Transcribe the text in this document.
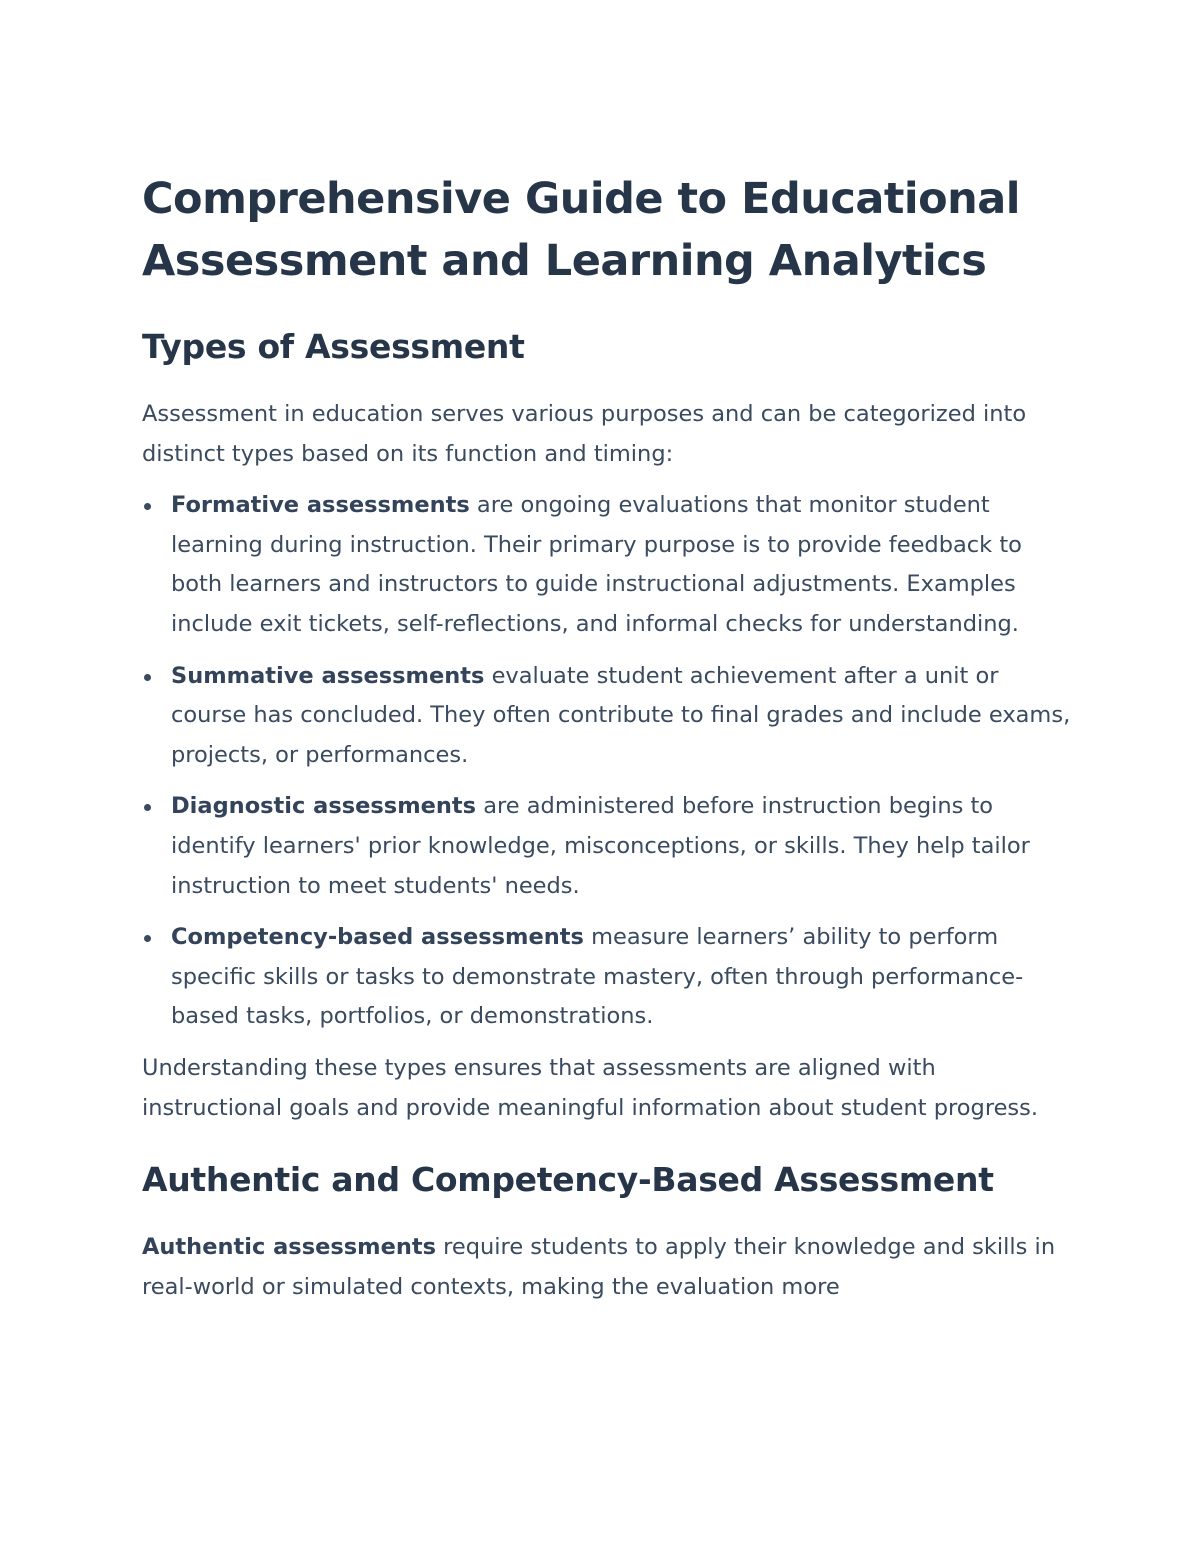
Comprehensive Guide to Educational
Assessment and Learning Analytics
Types of Assessment

Assessment in education serves various purposes and can be categorized into distinct types based on its function and timing:

Formative assessments are ongoing evaluations that monitor student learning during instruction. Their primary purpose is to provide feedback to both learners and instructors to guide instructional adjustments. Examples include exit tickets, self-reflections, and informal checks for understanding.
Summative assessments evaluate student achievement after a unit or course has concluded. They often contribute to final grades and include exams, projects, or performances.
Diagnostic assessments are administered before instruction begins to identify learners' prior knowledge, misconceptions, or skills. They help tailor instruction to meet students' needs.
Competency-based assessments measure learners’ ability to perform specific skills or tasks to demonstrate mastery, often through performance-based tasks, portfolios, or demonstrations.

Understanding these types ensures that assessments are aligned with instructional goals and provide meaningful information about student progress.

Authentic and Competency-Based Assessment

Authentic assessments require students to apply their knowledge and skills in real-world or simulated contexts, making the evaluation more
